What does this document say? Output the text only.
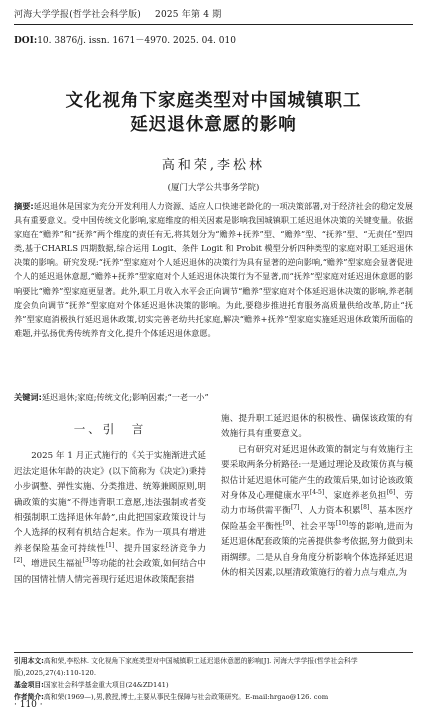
河海大学学报(哲学社会科学版) 2025 年第 4 期
DOI:10. 3876/j. issn. 1671－4970. 2025. 04. 010
文化视角下家庭类型对中国城镇职工
延迟退休意愿的影响
高和荣,李松林
(厦门大学公共事务学院)
摘要:延迟退休是国家为充分开发利用人力资源、适应人口快速老龄化的一项决策部署,对于经济社会的稳定发展具有重要意义。受中国传统文化影响,家庭维度的相关因素是影响我国城镇职工延迟退休决策的关键变量。依据家庭在“赡养”和“抚养”两个维度的责任有无,将其划分为“赡养+抚养”型、“赡养”型、“抚养”型、“无责任”型四类,基于CHARLS 四期数据,综合运用 Logit、条件 Logit 和 Probit 模型分析四种类型的家庭对职工延迟退休决策的影响。研究发现:“抚养”型家庭对个人延迟退休的决策行为具有显著的逆向影响,“赡养”型家庭会显著促进个人的延迟退休意愿,“赡养+抚养”型家庭对个人延迟退休决策行为不显著,而“抚养”型家庭对延迟退休意愿的影响要比“赡养”型家庭更显著。此外,职工月收入水平会正向调节“赡养”型家庭对个体延迟退休决策的影响,养老制度会负向调节“抚养”型家庭对个体延迟退休决策的影响。为此,要稳步推进托育服务高质量供给改革,防止“抚养”型家庭消极执行延迟退休政策,切实完善老幼共托家庭,解决“赡养+抚养”型家庭实施延迟退休政策所面临的难题,并弘扬优秀传统养育文化,提升个体延迟退休意愿。
关键词:延迟退休;家庭;传统文化;影响因素;“一老一小”
一、引　言

2025 年 1 月正式施行的《关于实施渐进式延迟法定退休年龄的决定》(以下简称为《决定》)秉持小步调整、弹性实施、分类推进、统筹兼顾原则,明确政策的实施“不得违背职工意愿,违法强制或者变相强制职工选择退休年龄”,由此把国家政策设计与个人选择的权利有机结合起来。作为一项具有增进养老保险基金可持续性[1]、提升国家经济竞争力[2]、增进民生福祉[3]等功能的社会政策,如何结合中国的国情社情人情完善现行延迟退休政策配套措

施、提升职工延迟退休的积极性、确保该政策的有效施行具有重要意义。

已有研究对延迟退休政策的制定与有效施行主要采取两条分析路径:一是通过理论及政策仿真与模拟估计延迟退休可能产生的政策后果,如讨论该政策对身体及心理健康水平[4-5]、家庭养老负担[6]、劳动力市场供需平衡[7]、人力资本积累[8]、基本医疗保险基金平衡性[9]、社会平等[10]等的影响,进而为延迟退休配套政策的完善提供参考依据,努力做到未雨绸缪。二是从自身角度分析影响个体选择延迟退休的相关因素,以厘清政策施行的着力点与难点,为

引用本文:高和荣,李松林. 文化视角下家庭类型对中国城镇职工延迟退休意愿的影响[J]. 河海大学学报(哲学社会科学版),2025,27(4):110-120.
基金项目:国家社会科学基金重大项目(24&ZD141)
作者简介:高和荣(1969—),男,教授,博士,主要从事民生保障与社会政策研究。E-mail:hrgao@126. com
· 110 ·
